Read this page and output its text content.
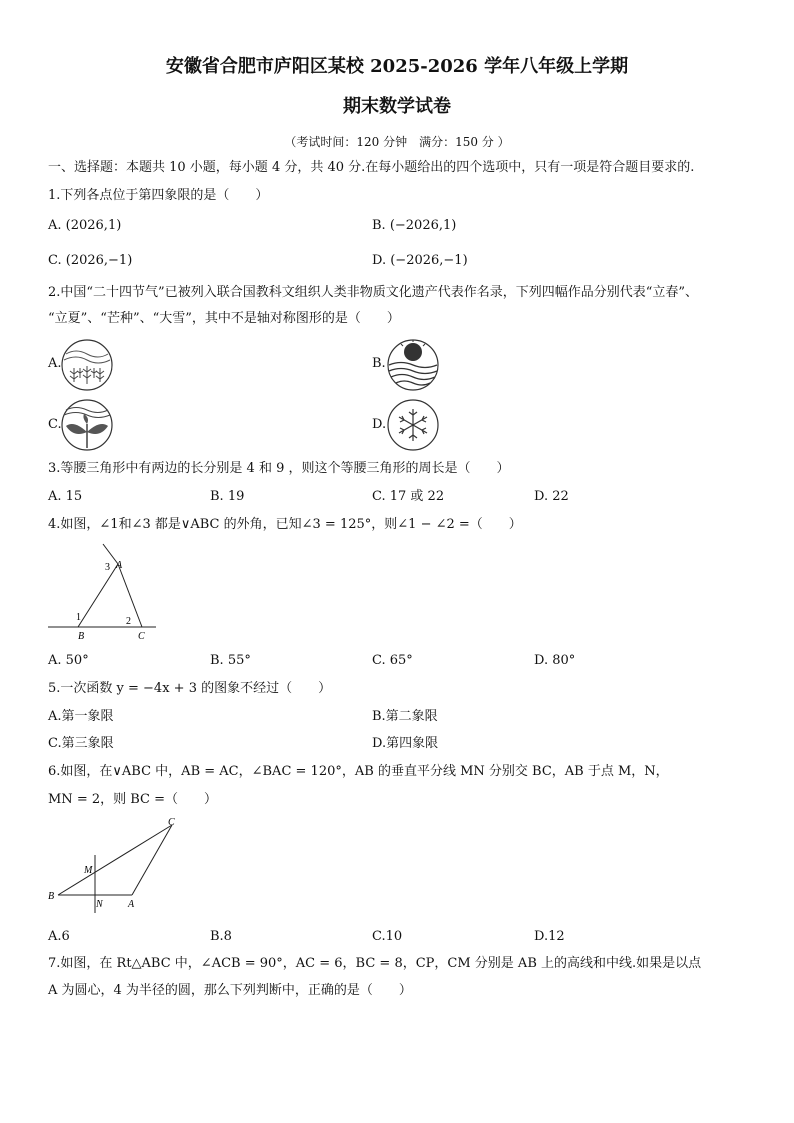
安徽省合肥市庐阳区某校 2025-2026 学年八年级上学期
期末数学试卷
（考试时间：120 分钟　满分：150 分 ）
一、选择题：本题共 10 小题，每小题 4 分，共 40 分.在每小题给出的四个选项中，只有一项是符合题目要求的.
1.下列各点位于第四象限的是（　　）
A. (2026,1)	B. (−2026,1)
C. (2026,−1)	D. (−2026,−1)
2.中国“二十四节气”已被列入联合国教科文组织人类非物质文化遗产代表作名录，下列四幅作品分别代表“立春”、
“立夏”、“芒种”、“大雪”，其中不是轴对称图形的是（　　）
A.	B.
C.	D.
3.等腰三角形中有两边的长分别是 4 和 9 ，则这个等腰三角形的周长是（　　）
A. 15	B. 19	C. 17 或 22	D. 22
4.如图，∠1和∠3 都是∨ABC 的外角，已知∠3 = 125°，则∠1 − ∠2 =（　　）
B	C
A
1	2
3
A. 50°	B. 55°	C. 65°	D. 80°
5.一次函数 y = −4x + 3 的图象不经过（　　）
A.第一象限	B.第二象限
C.第三象限	D.第四象限
6.如图，在∨ABC 中，AB = AC，∠BAC = 120°，AB 的垂直平分线 MN 分别交 BC，AB 于点 M，N，
MN = 2，则 BC =（　　）
B
A
C
M
N
A.6	B.8	C.10	D.12
7.如图，在 Rt△ABC 中，∠ACB = 90°，AC = 6，BC = 8，CP，CM 分别是 AB 上的高线和中线.如果是以点
A 为圆心，4 为半径的圆，那么下列判断中，正确的是（　　）
